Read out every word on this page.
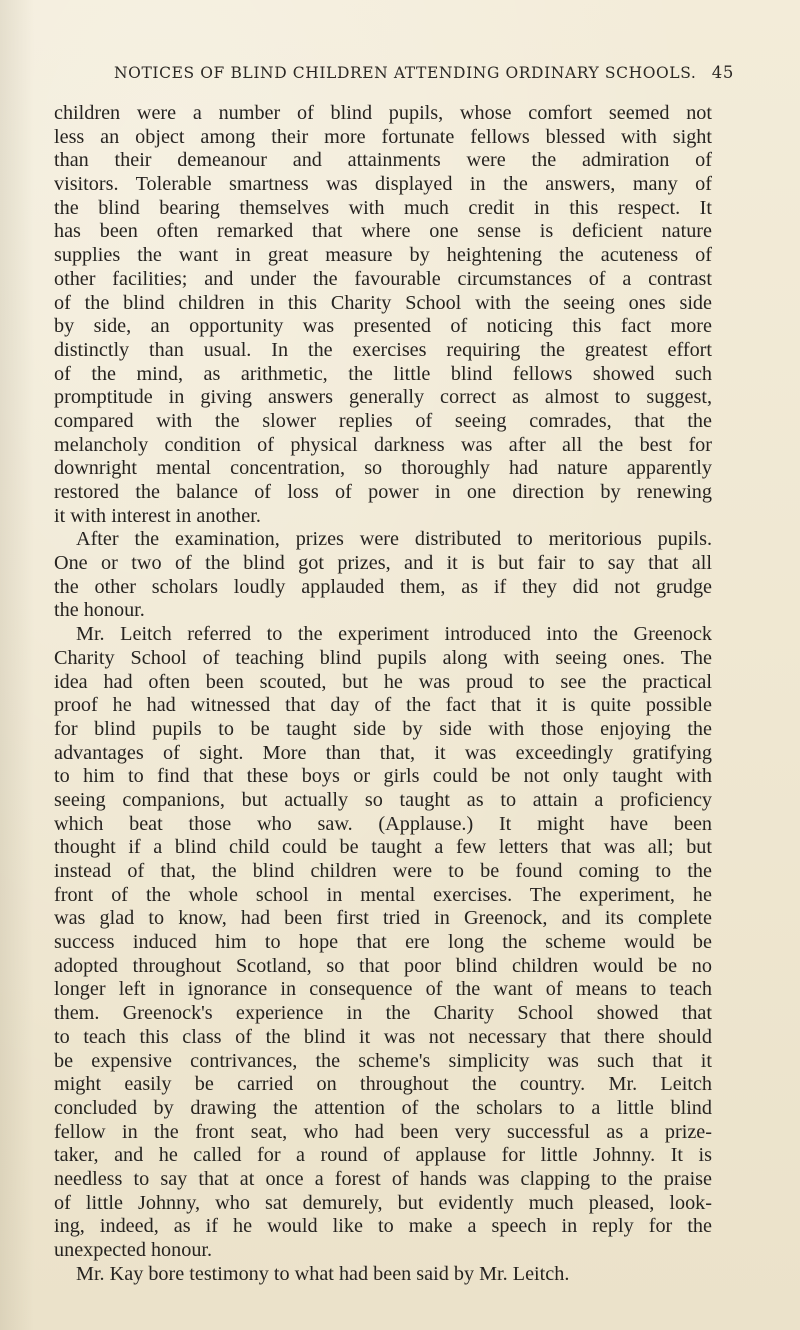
NOTICES OF BLIND CHILDREN ATTENDING ORDINARY SCHOOLS. 45
children were a number of blind pupils, whose comfort seemed not
less an object among their more fortunate fellows blessed with sight
than their demeanour and attainments were the admiration of
visitors. Tolerable smartness was displayed in the answers, many of
the blind bearing themselves with much credit in this respect. It
has been often remarked that where one sense is deficient nature
supplies the want in great measure by heightening the acuteness of
other facilities; and under the favourable circumstances of a contrast
of the blind children in this Charity School with the seeing ones side
by side, an opportunity was presented of noticing this fact more
distinctly than usual. In the exercises requiring the greatest effort
of the mind, as arithmetic, the little blind fellows showed such
promptitude in giving answers generally correct as almost to suggest,
compared with the slower replies of seeing comrades, that the
melancholy condition of physical darkness was after all the best for
downright mental concentration, so thoroughly had nature apparently
restored the balance of loss of power in one direction by renewing
it with interest in another.
After the examination, prizes were distributed to meritorious pupils.
One or two of the blind got prizes, and it is but fair to say that all
the other scholars loudly applauded them, as if they did not grudge
the honour.
Mr. Leitch referred to the experiment introduced into the Greenock
Charity School of teaching blind pupils along with seeing ones. The
idea had often been scouted, but he was proud to see the practical
proof he had witnessed that day of the fact that it is quite possible
for blind pupils to be taught side by side with those enjoying the
advantages of sight. More than that, it was exceedingly gratifying
to him to find that these boys or girls could be not only taught with
seeing companions, but actually so taught as to attain a proficiency
which beat those who saw. (Applause.) It might have been
thought if a blind child could be taught a few letters that was all; but
instead of that, the blind children were to be found coming to the
front of the whole school in mental exercises. The experiment, he
was glad to know, had been first tried in Greenock, and its complete
success induced him to hope that ere long the scheme would be
adopted throughout Scotland, so that poor blind children would be no
longer left in ignorance in consequence of the want of means to teach
them. Greenock's experience in the Charity School showed that
to teach this class of the blind it was not necessary that there should
be expensive contrivances, the scheme's simplicity was such that it
might easily be carried on throughout the country. Mr. Leitch
concluded by drawing the attention of the scholars to a little blind
fellow in the front seat, who had been very successful as a prize-
taker, and he called for a round of applause for little Johnny. It is
needless to say that at once a forest of hands was clapping to the praise
of little Johnny, who sat demurely, but evidently much pleased, look-
ing, indeed, as if he would like to make a speech in reply for the
unexpected honour.
Mr. Kay bore testimony to what had been said by Mr. Leitch.
